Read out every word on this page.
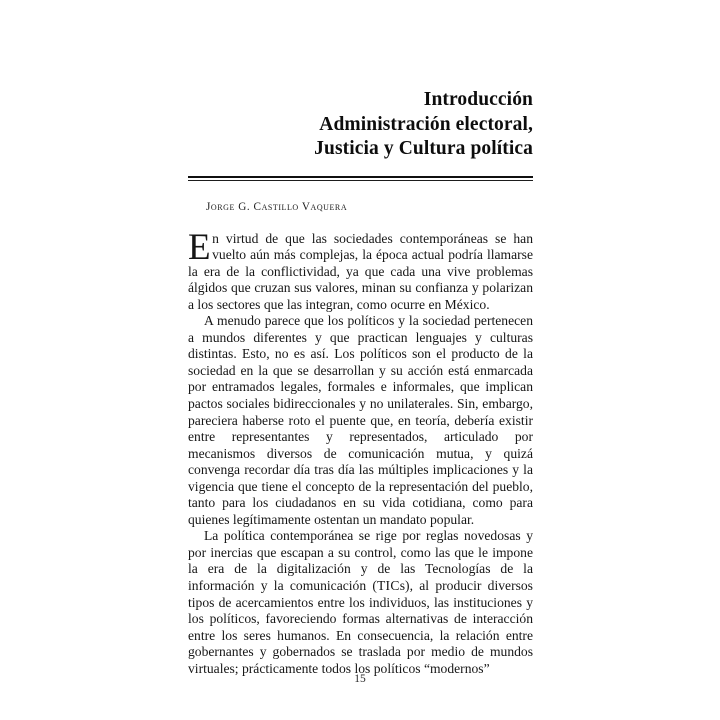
Introducción
Administración electoral,
Justicia y Cultura política
Jorge G. Castillo Vaquera

En virtud de que las sociedades contemporáneas se han vuelto aún más complejas, la época actual podría llamarse la era de la conflictividad, ya que cada una vive problemas álgidos que cruzan sus valores, minan su confianza y polarizan a los sectores que las integran, como ocurre en México.

A menudo parece que los políticos y la sociedad pertenecen a mundos diferentes y que practican lenguajes y culturas distintas. Esto, no es así. Los políticos son el producto de la sociedad en la que se desarrollan y su acción está enmarcada por entramados legales, formales e informales, que implican pactos sociales bidireccionales y no unilaterales. Sin, embargo, pareciera haberse roto el puente que, en teoría, debería existir entre representantes y representados, articulado por mecanismos diversos de comunicación mutua, y quizá convenga recordar día tras día las múltiples implicaciones y la vigencia que tiene el concepto de la representación del pueblo, tanto para los ciudadanos en su vida cotidiana, como para quienes legítimamente ostentan un mandato popular.

La política contemporánea se rige por reglas novedosas y por inercias que escapan a su control, como las que le impone la era de la digitalización y de las Tecnologías de la información y la comunicación (TICs), al producir diversos tipos de acercamientos entre los individuos, las instituciones y los políticos, favoreciendo formas alternativas de interacción entre los seres humanos. En consecuencia, la relación entre gobernantes y gobernados se traslada por medio de mundos virtuales; prácticamente todos los políticos “modernos”

15
